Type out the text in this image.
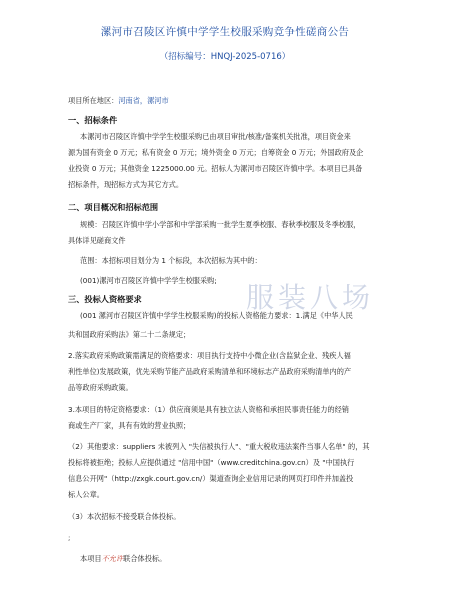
漯河市召陵区许慎中学学生校服采购竞争性磋商公告
（招标编号：HNQJ-2025-0716）
项目所在地区：河南省，漯河市
一、招标条件
本漯河市召陵区许慎中学学生校服采购已由项目审批/核准/备案机关批准，项目资金来
源为国有资金 0 万元；私有资金 0 万元；境外资金 0 万元；自筹资金 0 万元；外国政府及企
业投资 0 万元；其他资金 1225000.00 元。招标人为漯河市召陵区许慎中学。本项目已具备
招标条件，现招标方式为其它方式。
二、项目概况和招标范围
规模：召陵区许慎中学小学部和中学部采购一批学生夏季校服、春秋季校服及冬季校服，
具体详见磋商文件
范围：本招标项目划分为 1 个标段，本次招标为其中的：
(001)漯河市召陵区许慎中学学生校服采购;
三、投标人资格要求
(001 漯河市召陵区许慎中学学生校服采购)的投标人资格能力要求：1.满足《中华人民
共和国政府采购法》第二十二条规定；
2.落实政府采购政策需满足的资格要求：项目执行支持中小微企业(含监狱企业、残疾人福
利性单位)发展政策，优先采购节能产品政府采购清单和环境标志产品政府采购清单内的产
品等政府采购政策。
3.本项目的特定资格要求：（1）供应商须是具有独立法人资格和承担民事责任能力的经销
商或生产厂家，具有有效的营业执照；
（2）其他要求：suppliers 未被列入 "失信被执行人"、"重大税收违法案件当事人名单" 的，其
投标将被拒绝；投标人应提供通过 "信用中国"（www.creditchina.gov.cn）及 "中国执行
信息公开网"（http://zxgk.court.gov.cn/）渠道查询企业信用记录的网页打印件并加盖投
标人公章。
（3）本次招标不接受联合体投标。
;
本项目不允许联合体投标。
服装八场
